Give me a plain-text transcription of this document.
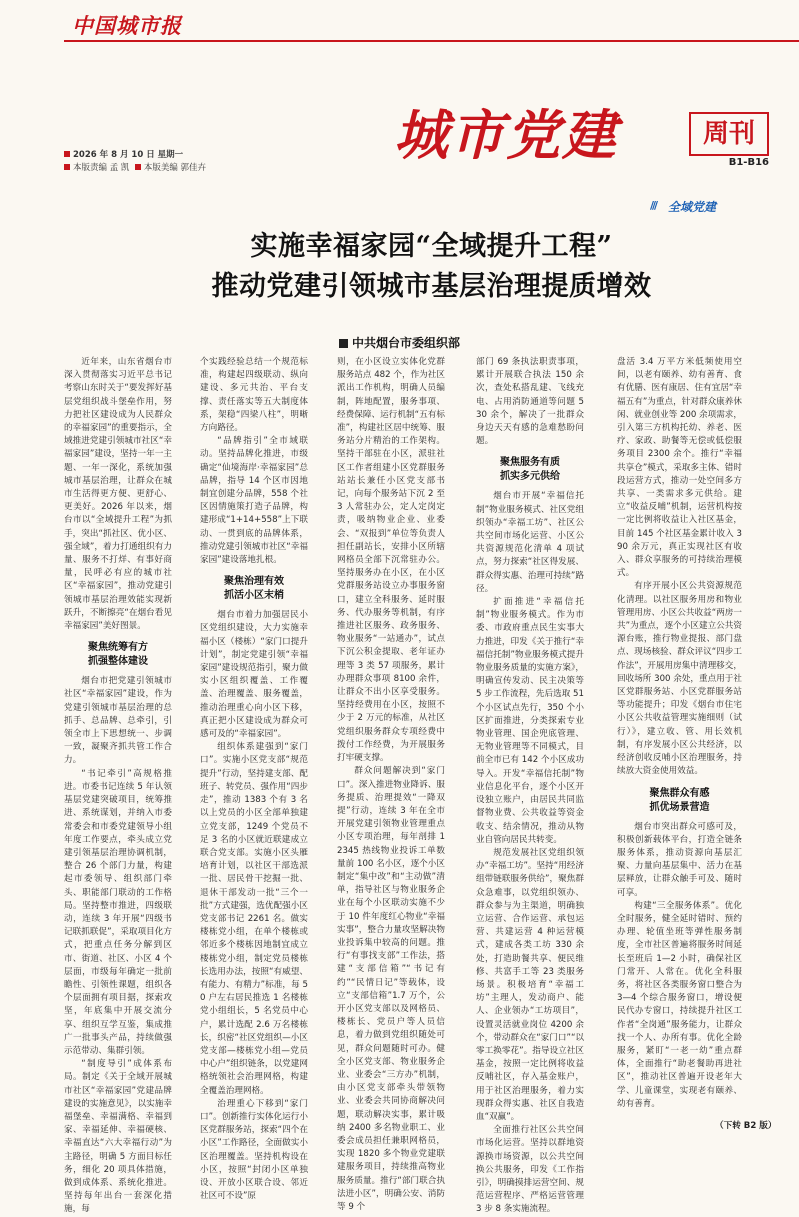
中国城市报
2026 年 8 月 10 日 星期一
本版责编 孟 凯 本版美编 郭佳卉
城市党建	周刊
B1-B16
/// 全域党建
实施幸福家园“全域提升工程”
推动党建引领城市基层治理提质增效
中共烟台市委组织部

近年来，山东省烟台市深入贯彻落实习近平总书记考察山东时关于“要发挥好基层党组织战斗堡垒作用，努力把社区建设成为人民群众的幸福家园”的重要指示，全域推进党建引领城市社区“幸福家园”建设，坚持一年一主题、一年一深化，系统加强城市基层治理，让群众在城市生活得更方便、更舒心、更美好。2026 年以来，烟台市以“全域提升工程”为抓手，突出“抓社区、优小区、强全域”，着力打通组织有力量、服务不打烊、有事好商量，民呼必有应的城市社区“幸福家园”，推动党建引领城市基层治理效能实现新跃升，不断擦亮“在烟台看见幸福家园”美好图景。

聚焦统筹有方
抓强整体建设

烟台市把党建引领城市社区“幸福家园”建设，作为党建引领城市基层治理的总抓手、总品牌、总牵引，引领全市上下思想统一、步调一致，凝聚齐抓共管工作合力。

“书记牵引”高规格推进。市委书记连续 5 年认领基层党建突破项目，统筹推进、系统谋划，并纳入市委常委会和市委党建领导小组年度工作要点，牵头成立党建引领基层治理协调机制，整合 26 个部门力量，构建起市委领导、组织部门牵头、职能部门联动的工作格局。坚持整市推进，四级联动，连续 3 年开展“四级书记联抓联促”，采取项目化方式，把重点任务分解到区市、街道、社区、小区 4 个层面，市级每年确定一批前瞻性、引领性课题，组织各个层面拥有项目据，探索攻坚，年底集中开展交流分享、组织互学互鉴，集成推广一批事头产品，持续做强示范带动、集群引领。

“制度导引”成体系布局。制定《关于全域开展城市社区“幸福家园”党建品牌建设的实施意见》，以实施幸福堡垒、幸福满格、幸福到家、幸福延伸、幸福硬核、幸福直达“六大幸福行动”为主路径，明确 5 方面目标任务，细化 20 项具体措施，做到成体系、系统化推进。坚持每年出台一套深化措施，每

个实践经验总结一个规范标准，构建起四级联动、纵向建设、多元共治、平台支撑、责任落实等五大制度体系，架稳“四梁八柱”，明晰方向路径。

“品牌指引”全市域联动。坚持品牌化推进，市级确定“仙境海岸·幸福家园”总品牌，指导 14 个区市因地制宜创建分品牌，558 个社区因情施策打造子品牌，构建形成“1+14+558”上下联动、一贯到底的品牌体系，推动党建引领城市社区“幸福家园”建设落地扎根。

聚焦治理有效
抓活小区末梢

烟台市着力加强居民小区党组织建设，大力实施幸福小区（楼栋）“家门口提升计划”，制定党建引领“幸福家园”建设规范指引，聚力做实小区组织覆盖、工作覆盖、治理覆盖、服务覆盖，推动治理重心向小区下移，真正把小区建设成为群众可感可及的“幸福家园”。

组织体系建强到“家门口”。实施小区党支部“规范提升”行动，坚持建支部、配班子、转党员、强作用“四步走”，推动 1383 个有 3 名以上党员的小区全部单独建立党支部，1249 个党员不足 3 名的小区就近联建成立联合党支部。实施小区头雁培育计划，以社区干部选派一批、居民骨干挖掘一批、退休干部发动一批“三个一批”方式建强，选优配强小区党支部书记 2261 名。做实楼栋党小组，在单个楼栋或邻近多个楼栋因地制宜成立楼栋党小组，制定党员楼栋长选用办法，按照“有威望、有能力、有精力”标准，每 50 户左右居民推选 1 名楼栋党小组组长，5 名党员中心户，累计选配 2.6 万名楼栋长，织密“社区党组织—小区党支部—楼栋党小组—党员中心户”组织链条，以党建网格统领社会治理网格，构建全覆盖治理网格。

治理重心下移到“家门口”。创新推行实体化运行小区党群服务站，探索“四个在小区”工作路径，全面做实小区治理覆盖。坚持机构设在小区，按照“封闭小区单独设、开放小区联合设、邻近社区可不设”原

则，在小区设立实体化党群服务站点 482 个，作为社区派出工作机构，明确人员编制，阵地配置，服务事项、经费保障、运行机制“五有标准”，构建社区居中统筹、服务站分片精治的工作架构。坚持干部驻在小区，派驻社区工作者组建小区党群服务站站长兼任小区党支部书记，向每个服务站下沉 2 至 3 人常驻办公，定人定岗定责，吸纳物业企业、业委会、“双报到”单位等负责人担任副站长，安排小区所辖网格员全部下沉常驻办公。坚持服务办在小区，在小区党群服务站设立办事服务窗口，建立全科服务、延时服务、代办服务等机制，有序推进社区服务、政务服务、物业服务“一站通办”，试点下沉公积金提取、老年证办理等 3 类 57 项服务，累计办理群众事项 8100 余件，让群众不出小区享受服务。坚持经费用在小区，按照不少于 2 万元的标准，从社区党组织服务群众专项经费中拨付工作经费，为开展服务打牢硬支撑。

群众问题解决到“家门口”。深入推进物业降诉、服务提质、治理提效“一降双提”行动，连续 3 年在全市开展党建引领物业管理重点小区专项治理，每年剖排 12345 热线物业投诉工单数量前 100 名小区，逐个小区制定“集中改”和“主动做”清单，指导社区与物业服务企业在每个小区联动实施不少于 10 件年度红心物业“幸福实事”，整合力量攻坚解决物业投诉集中较高的问题。推行“有事找支部”工作法，搭建“支部信箱”“书记有约”“民情日记”等载体，设立“支部信箱”1.7 万个，公开小区党支部以及网格员、楼栋长、党员户等人员信息，着力做到党组织随处可见，群众问题随时可办。健全小区党支部、物业服务企业、业委会“三方办”机制，由小区党支部牵头带领物业、业委会共同协商解决问题，联动解决实事，累计吸纳 2400 多名物业职工、业委会成员担任兼职网格员，实现 1820 多个物业党建联建服务项目，持续推高物业服务质量。推行“部门联合执法进小区”，明确公安、消防等 9 个

部门 69 条执法职责事项，累计开展联合执法 150 余次，查处私搭乱建、飞线充电、占用消防通道等问题 530 余个，解决了一批群众身边天天有感的急难愁盼问题。

聚焦服务有质
抓实多元供给

烟台市开展“幸福信托制”物业服务模式、社区党组织领办“幸福工坊”、社区公共空间市场化运营、小区公共资源规范化清单 4 项试点，努力探索“社区得发展、群众得实惠、治理可持续”路径。

扩面推进“幸福信托制”物业服务模式。作为市委、市政府重点民生实事大力推进，印发《关于推行“幸福信托制”物业服务模式提升物业服务质量的实施方案》，明确宣传发动、民主决策等 5 步工作流程，先后选取 51 个小区试点先行，350 个小区扩面推进，分类探索专业物业管理、国企兜底管理、无物业管理等不同模式，目前全市已有 142 个小区成功导入。开发“幸福信托制”物业信息化平台，逐个小区开设独立账户，由居民共同监督物业费、公共收益等资金收支、结余情况，推动从物业自管向居民共转变。

规范发展社区党组织领办“幸福工坊”。坚持“用经济组带链联服务供给”，聚焦群众急难事，以党组织领办、群众参与为主渠道，明确独立运营、合作运营、承包运营、共建运营 4 种运营模式，建成各类工坊 330 余处，打造助餐共享、便民维修、共富手工等 23 类服务场景。积极培育“幸福工坊”主理人，发动商户、能人、企业领办“工坊项目”，设置灵活就业岗位 4200 余个，带动群众在“家门口”“以零工换零花”。指导设立社区基金，按照一定比例将收益反哺社区，存入基金账户，用于社区治理服务，着力实现群众得实惠、社区自我造血“双赢”。

全面推行社区公共空间市场化运营。坚持以群地资源换市场资源，以公共空间换公共服务，印发《工作指引》，明确摸排运营空间、规范运营程序、严格运营管理 3 步 8 条实施流程。

盘活 3.4 万平方米低频使用空间，以老有颐养、幼有善育、食有优膳、医有康居、住有宜居“幸福五有”为重点，针对群众康养休闲、就业创业等 200 余项需求，引入第三方机构托幼、养老、医疗、家政、助餐等无偿或低偿服务项目 2300 余个。推行“幸福共享仓”模式，采取多主体、错时段运营方式，推动一处空间多方共享、一类需求多元供给。建立“收益反哺”机制，运营机构按一定比例将收益让入社区基金，目前 145 个社区基金累计收入 390 余万元，真正实现社区有收入、群众享服务的可持续治理模式。

有序开展小区公共资源规范化清理。以社区服务用房和物业管理用房、小区公共收益“两房一共”为重点，逐个小区建立公共资源台账，推行物业提报、部门盘点、现场核验、群众评议“四步工作法”，开展用房集中清理移交，回收场所 300 余处，重点用于社区党群服务站、小区党群服务站等功能提升；印发《烟台市住宅小区公共收益管理实施细则（试行）》，建立收、管、用长效机制，有序发展小区公共经济，以经济创收反哺小区治理服务，持续放大资金使用效益。

聚焦群众有感
抓优场景营造

烟台市突出群众可感可及，积极创新载体平台，打造全链条服务体系，推动资源向基层汇聚、力量向基层集中、活力在基层释放，让群众触手可及、随时可享。

构建“三全服务体系”。优化全时服务，健全延时错时、预约办理、轮值坐班等弹性服务制度，全市社区普遍将服务时间延长至班后 1—2 小时，确保社区门常开、人常在。优化全科服务，将社区各类服务窗口整合为 3—4 个综合服务窗口，增设便民代办专窗口，持续提升社区工作者“全岗通”服务能力，让群众找一个人、办所有事。优化全龄服务，紧盯“一老一幼”重点群体，全面推行“助老餐助再进社区”，推动社区普遍开设老年大学、儿童课堂，实现老有颐养、幼有善育。

（下转 B2 版）
